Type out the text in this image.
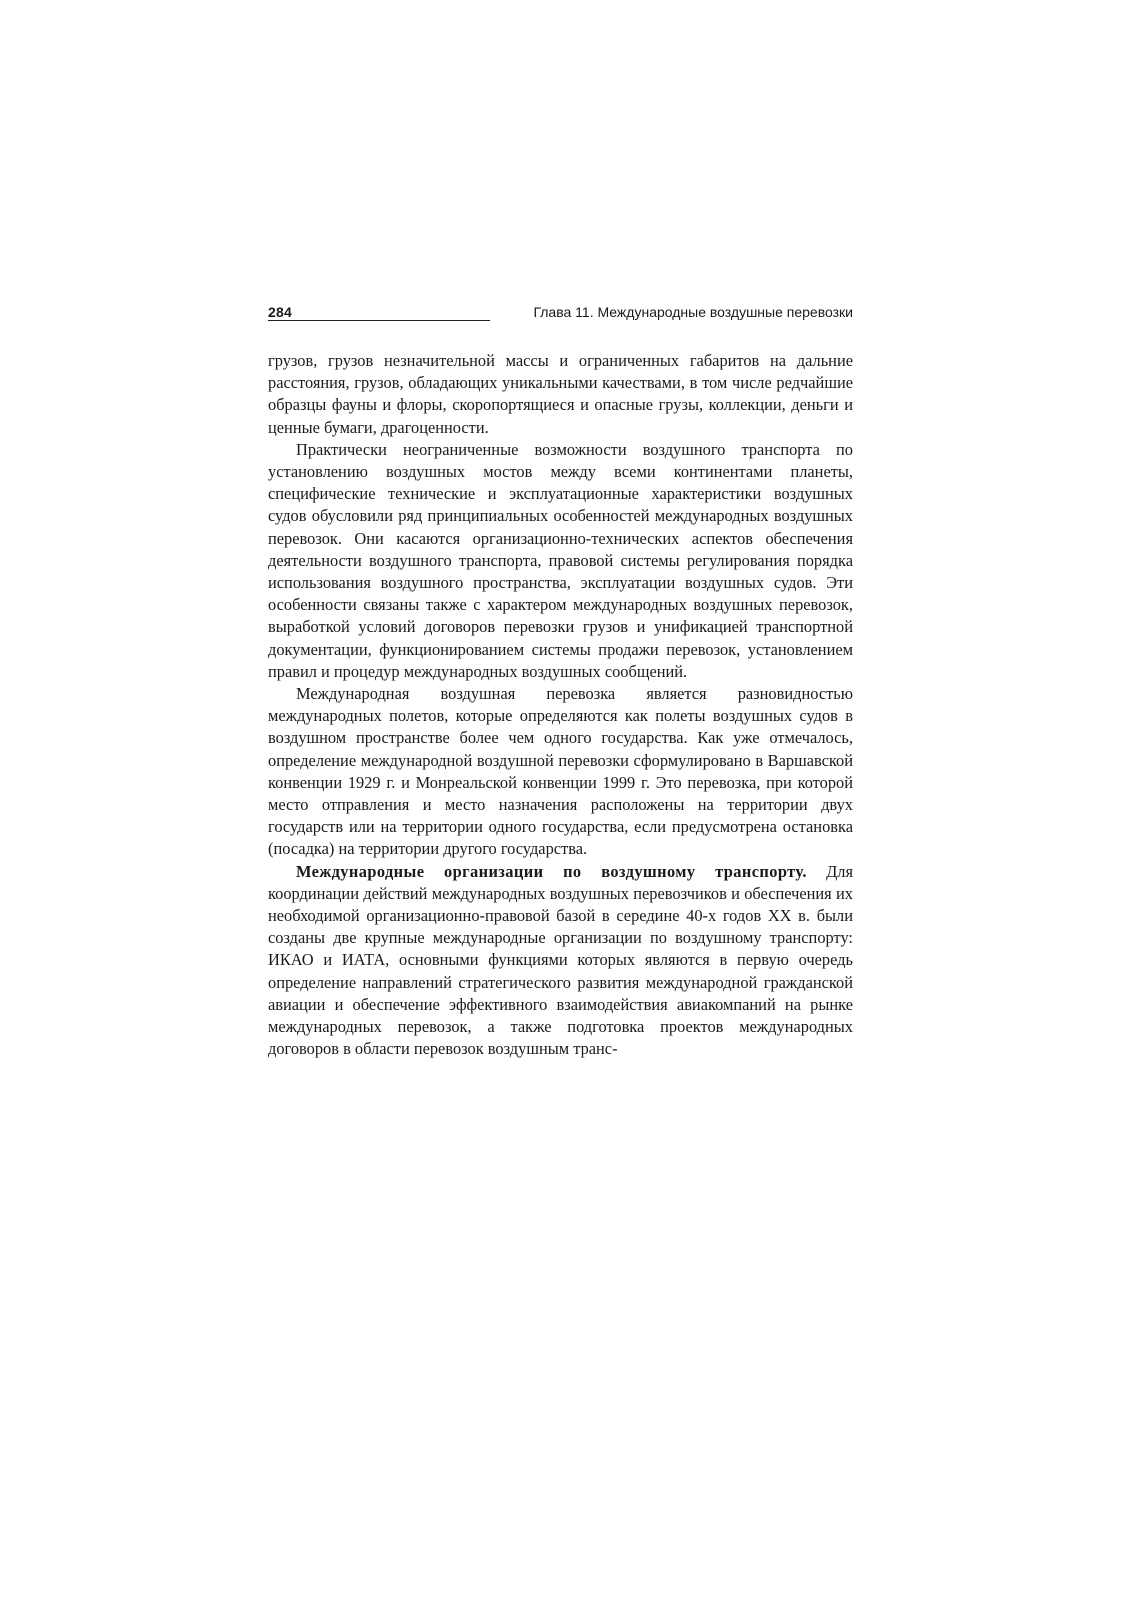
284	Глава 11. Международные воздушные перевозки

грузов, грузов незначительной массы и ограниченных габаритов на дальние расстояния, грузов, обладающих уникальными качествами, в том числе редчайшие образцы фауны и флоры, скоропортящиеся и опасные грузы, коллекции, деньги и ценные бумаги, драгоценности.

Практически неограниченные возможности воздушного транспорта по установлению воздушных мостов между всеми континентами планеты, специфические технические и эксплуатационные характеристики воздушных судов обусловили ряд принципиальных особенностей международных воздушных перевозок. Они касаются организационно-технических аспектов обеспечения деятельности воздушного транспорта, правовой системы регулирования порядка использования воздушного пространства, эксплуатации воздушных судов. Эти особенности связаны также с характером международных воздушных перевозок, выработкой условий договоров перевозки грузов и унификацией транспортной документации, функционированием системы продажи перевозок, установлением правил и процедур международных воздушных сообщений.

Международная воздушная перевозка является разновидностью международных полетов, которые определяются как полеты воздушных судов в воздушном пространстве более чем одного государства. Как уже отмечалось, определение международной воздушной перевозки сформулировано в Варшавской конвенции 1929 г. и Монреальской конвенции 1999 г. Это перевозка, при которой место отправления и место назначения расположены на территории двух государств или на территории одного государства, если предусмотрена остановка (посадка) на территории другого государства.

Международные организации по воздушному транспорту. Для координации действий международных воздушных перевозчиков и обеспечения их необходимой организационно-правовой базой в середине 40-х годов XX в. были созданы две крупные международные организации по воздушному транспорту: ИКАО и ИАТА, основными функциями которых являются в первую очередь определение направлений стратегического развития международной гражданской авиации и обеспечение эффективного взаимодействия авиакомпаний на рынке международных перевозок, а также подготовка проектов международных договоров в области перевозок воздушным транс-
